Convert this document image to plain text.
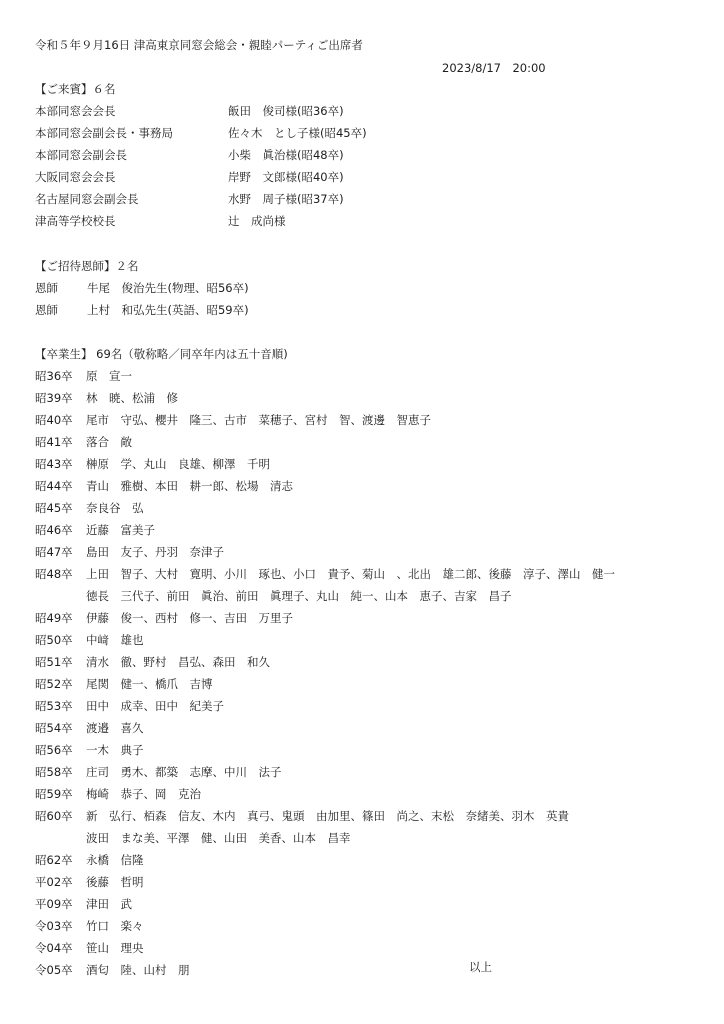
令和５年９月16日 津高東京同窓会総会・親睦パーティご出席者
2023/8/17　20:00
【ご来賓】６名
本部同窓会会長	飯田　俊司様(昭36卒)
本部同窓会副会長・事務局	佐々木　とし子様(昭45卒)
本部同窓会副会長	小柴　眞治様(昭48卒)
大阪同窓会会長	岸野　文郎様(昭40卒)
名古屋同窓会副会長	水野　周子様(昭37卒)
津高等学校校長	辻　成尚様
【ご招待恩師】２名
恩師	牛尾　俊治先生(物理、昭56卒)
恩師	上村　和弘先生(英語、昭59卒)
【卒業生】 69名（敬称略／同卒年内は五十音順)
昭36卒 原　宣一
昭39卒 林　暁、松浦　修
昭40卒 尾市　守弘、櫻井　隆三、古市　菜穂子、宮村　智、渡邊　智恵子
昭41卒 落合　敞
昭43卒 榊原　学、丸山　良雄、柳澤　千明
昭44卒 青山　雅樹、本田　耕一郎、松場　清志
昭45卒 奈良谷　弘
昭46卒 近藤　富美子
昭47卒 島田　友子、丹羽　奈津子
昭48卒 上田　智子、大村　寛明、小川　琢也、小口　貴予、菊山　、北出　雄二郎、後藤　淳子、澤山　健一
徳長　三代子、前田　眞治、前田　眞理子、丸山　純一、山本　恵子、吉家　昌子
昭49卒 伊藤　俊一、西村　修一、吉田　万里子
昭50卒 中﨑　雄也
昭51卒 清水　徹、野村　昌弘、森田　和久
昭52卒 尾関　健一、橋爪　吉博
昭53卒 田中　成幸、田中　紀美子
昭54卒 渡邉　喜久
昭56卒 一木　典子
昭58卒 庄司　勇木、都築　志摩、中川　法子
昭59卒 梅崎　恭子、岡　克治
昭60卒 新　弘行、栢森　信友、木内　真弓、鬼頭　由加里、篠田　尚之、末松　奈緒美、羽木　英貴
波田　まな美、平澤　健、山田　美香、山本　昌幸
昭62卒 永橋　信隆
平02卒 後藤　哲明
平09卒 津田　武
令03卒 竹口　楽々
令04卒 笹山　理央
令05卒 酒匂　陸、山村　朋	以上
